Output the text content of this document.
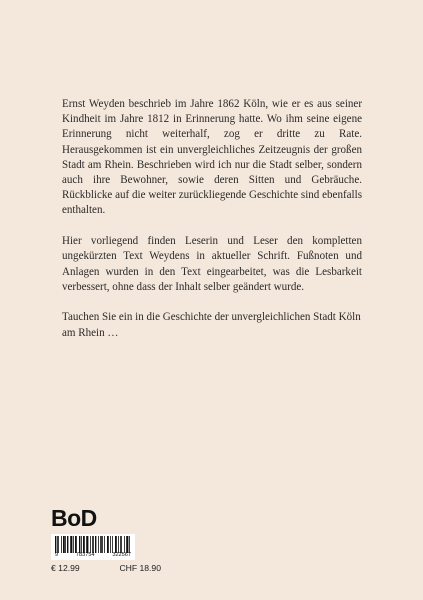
Ernst Weyden beschrieb im Jahre 1862 Köln, wie er es aus seiner Kindheit im Jahre 1812 in Erinnerung hatte. Wo ihm seine eigene Erinnerung nicht weiterhalf, zog er dritte zu Rate. Herausgekommen ist ein unvergleichliches Zeitzeugnis der großen Stadt am Rhein. Beschrieben wird ich nur die Stadt selber, sondern auch ihre Bewohner, sowie deren Sitten und Gebräuche. Rückblicke auf die weiter zurückliegende Geschichte sind ebenfalls enthalten.

Hier vorliegend finden Leserin und Leser den kompletten ungekürzten Text Weydens in aktueller Schrift. Fußnoten und Anlagen wurden in den Text eingearbeitet, was die Lesbarkeit verbessert, ohne dass der Inhalt selber geändert wurde.

Tauchen Sie ein in die Geschichte der unvergleichlichen Stadt Köln am Rhein …

BoD
9	783754	322567
€ 12.99	CHF 18.90
